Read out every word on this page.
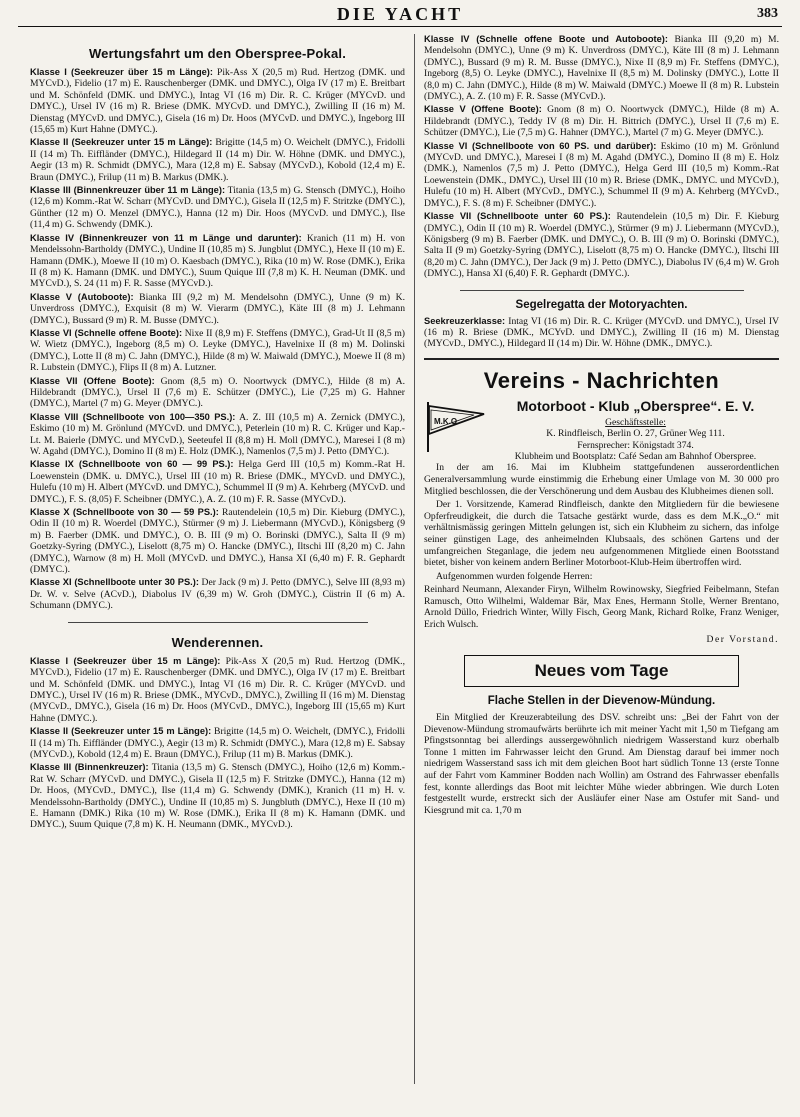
DIE YACHT	383
Wertungsfahrt um den Oberspree-Pokal.

Klasse I (Seekreuzer über 15 m Länge): Pik-Ass X (20,5 m) Rud. Hertzog (DMK. und MYCvD.), Fidelio (17 m) E. Rauschenberger (DMK. und DMYC.), Olga IV (17 m) E. Breitbart und M. Schönfeld (DMK. und DMYC.), Intag VI (16 m) Dir. R. C. Krüger (MYCvD. und DMYC.), Ursel IV (16 m) R. Briese (DMK. MYCvD. und DMYC.), Zwilling II (16 m) M. Dienstag (MYCvD. und DMYC.), Gisela (16 m) Dr. Hoos (MYCvD. und DMYC.), Ingeborg III (15,65 m) Kurt Hahne (DMYC.).

Klasse II (Seekreuzer unter 15 m Länge): Brigitte (14,5 m) O. Weichelt (DMYC.), Fridolli II (14 m) Th. Eiffländer (DMYC.), Hildegard II (14 m) Dir. W. Höhne (DMK. und DMYC.), Aegir (13 m) R. Schmidt (DMYC.), Mara (12,8 m) E. Sabsay (MYCvD.), Kobold (12,4 m) E. Braun (DMYC.), Frilup (11 m) B. Markus (DMK.).

Klasse III (Binnenkreuzer über 11 m Länge): Titania (13,5 m) G. Stensch (DMYC.), Hoiho (12,6 m) Komm.-Rat W. Scharr (MYCvD. und DMYC.), Gisela II (12,5 m) F. Stritzke (DMYC.), Günther (12 m) O. Menzel (DMYC.), Hanna (12 m) Dir. Hoos (MYCvD. und DMYC.), Ilse (11,4 m) G. Schwendy (DMK.).

Klasse IV (Binnenkreuzer von 11 m Länge und darunter): Kranich (11 m) H. von Mendelssohn-Bartholdy (DMYC.), Undine II (10,85 m) S. Jungblut (DMYC.), Hexe II (10 m) E. Hamann (DMK.), Moewe II (10 m) O. Kaesbach (DMYC.), Rika (10 m) W. Rose (DMK.), Erika II (8 m) K. Hamann (DMK. und DMYC.), Suum Quique III (7,8 m) K. H. Neuman (DMK. und MYCvD.), S. 24 (11 m) F. R. Sasse (MYCvD.).

Klasse V (Autoboote): Bianka III (9,2 m) M. Mendelsohn (DMYC.), Unne (9 m) K. Unverdross (DMYC.), Exquisit (8 m) W. Vierarm (DMYC.), Käte III (8 m) J. Lehmann (DMYC.), Bussard (9 m) R. M. Busse (DMYC.).

Klasse VI (Schnelle offene Boote): Nixe II (8,9 m) F. Steffens (DMYC.), Grad-Ut II (8,5 m) W. Wietz (DMYC.), Ingeborg (8,5 m) O. Leyke (DMYC.), Havelnixe II (8 m) M. Dolinski (DMYC.), Lotte II (8 m) C. Jahn (DMYC.), Hilde (8 m) W. Maiwald (DMYC.), Moewe II (8 m) R. Lubstein (DMYC.), Flips II (8 m) A. Lutzner.

Klasse VII (Offene Boote): Gnom (8,5 m) O. Noortwyck (DMYC.), Hilde (8 m) A. Hildebrandt (DMYC.), Ursel II (7,6 m) E. Schützer (DMYC.), Lie (7,25 m) G. Hahner (DMYC.), Martel (7 m) G. Meyer (DMYC.).

Klasse VIII (Schnellboote von 100—350 PS.): A. Z. III (10,5 m) A. Zernick (DMYC.), Eskimo (10 m) M. Grönlund (MYCvD. und DMYC.), Peterlein (10 m) R. C. Krüger und Kap.-Lt. M. Baierle (DMYC. und MYCvD.), Seeteufel II (8,8 m) H. Moll (DMYC.), Maresei I (8 m) W. Agahd (DMYC.), Domino II (8 m) E. Holz (DMK.), Namenlos (7,5 m) J. Petto (DMYC.).

Klasse IX (Schnellboote von 60 — 99 PS.): Helga Gerd III (10,5 m) Komm.-Rat H. Loewenstein (DMK. u. DMYC.), Ursel III (10 m) R. Briese (DMK., MYCvD. und DMYC.), Hulefu (10 m) H. Albert (MYCvD. und DMYC.), Schummel II (9 m) A. Kehrberg (MYCvD. und DMYC.), F. S. (8,05) F. Scheibner (DMYC.), A. Z. (10 m) F. R. Sasse (MYCvD.).

Klasse X (Schnellboote von 30 — 59 PS.): Rautendelein (10,5 m) Dir. Kieburg (DMYC.), Odin II (10 m) R. Woerdel (DMYC.), Stürmer (9 m) J. Liebermann (MYCvD.), Königsberg (9 m) B. Faerber (DMK. und DMYC.), O. B. III (9 m) O. Borinski (DMYC.), Salta II (9 m) Goetzky-Syring (DMYC.), Liselott (8,75 m) O. Hancke (DMYC.), Iltschi III (8,20 m) C. Jahn (DMYC.), Warnow (8 m) H. Moll (MYCvD. und DMYC.), Hansa XI (6,40 m) F. R. Gephardt (DMYC.).

Klasse XI (Schnellboote unter 30 PS.): Der Jack (9 m) J. Petto (DMYC.), Selve III (8,93 m) Dr. W. v. Selve (ACvD.), Diabolus IV (6,39 m) W. Groh (DMYC.), Cüstrin II (6 m) A. Schumann (DMYC.).

Wenderennen.

Klasse I (Seekreuzer über 15 m Länge): Pik-Ass X (20,5 m) Rud. Hertzog (DMK., MYCvD.), Fidelio (17 m) E. Rauschenberger (DMK. und DMYC.), Olga IV (17 m) E. Breitbart und M. Schönfeld (DMK. und DMYC.), Intag VI (16 m) Dir. R. C. Krüger (MYCvD. und DMYC.), Ursel IV (16 m) R. Briese (DMK., MYCvD., DMYC.), Zwilling II (16 m) M. Dienstag (MYCvD., DMYC.), Gisela (16 m) Dr. Hoos (MYCvD., DMYC.), Ingeborg III (15,65 m) Kurt Hahne (DMYC.).

Klasse II (Seekreuzer unter 15 m Länge): Brigitte (14,5 m) O. Weichelt, (DMYC.), Fridolli II (14 m) Th. Eiffländer (DMYC.), Aegir (13 m) R. Schmidt (DMYC.), Mara (12,8 m) E. Sabsay (MYCvD.), Kobold (12,4 m) E. Braun (DMYC.), Frilup (11 m) B. Markus (DMK.).

Klasse III (Binnenkreuzer): Titania (13,5 m) G. Stensch (DMYC.), Hoiho (12,6 m) Komm.-Rat W. Scharr (MYCvD. und DMYC.), Gisela II (12,5 m) F. Stritzke (DMYC.), Hanna (12 m) Dr. Hoos, (MYCvD., DMYC.), Ilse (11,4 m) G. Schwendy (DMK.), Kranich (11 m) H. v. Mendelssohn-Bartholdy (DMYC.), Undine II (10,85 m) S. Jungbluth (DMYC.), Hexe II (10 m) E. Hamann (DMK.) Rika (10 m) W. Rose (DMK.), Erika II (8 m) K. Hamann (DMK. und DMYC.), Suum Quique (7,8 m) K. H. Neumann (DMK., MYCvD.).

Klasse IV (Schnelle offene Boote und Autoboote): Bianka III (9,20 m) M. Mendelsohn (DMYC.), Unne (9 m) K. Unverdross (DMYC.), Käte III (8 m) J. Lehmann (DMYC.), Bussard (9 m) R. M. Busse (DMYC.), Nixe II (8,9 m) Fr. Steffens (DMYC.), Ingeborg (8,5) O. Leyke (DMYC.), Havelnixe II (8,5 m) M. Dolinsky (DMYC.), Lotte II (8,0 m) C. Jahn (DMYC.), Hilde (8 m) W. Maiwald (DMYC.) Moewe II (8 m) R. Lubstein (DMYC.), A. Z. (10 m) F. R. Sasse (MYCvD.).

Klasse V (Offene Boote): Gnom (8 m) O. Noortwyck (DMYC.), Hilde (8 m) A. Hildebrandt (DMYC.), Teddy IV (8 m) Dir. H. Bittrich (DMYC.), Ursel II (7,6 m) E. Schützer (DMYC.), Lie (7,5 m) G. Hahner (DMYC.), Martel (7 m) G. Meyer (DMYC.).

Klasse VI (Schnellboote von 60 PS. und darüber): Eskimo (10 m) M. Grönlund (MYCvD. und DMYC.), Maresei I (8 m) M. Agahd (DMYC.), Domino II (8 m) E. Holz (DMK.), Namenlos (7,5 m) J. Petto (DMYC.), Helga Gerd III (10,5 m) Komm.-Rat Loewenstein (DMK., DMYC.), Ursel III (10 m) R. Briese (DMK., DMYC. und MYCvD.), Hulefu (10 m) H. Albert (MYCvD., DMYC.), Schummel II (9 m) A. Kehrberg (MYCvD., DMYC.), F. S. (8 m) F. Scheibner (DMYC.).

Klasse VII (Schnellboote unter 60 PS.): Rautendelein (10,5 m) Dir. F. Kieburg (DMYC.), Odin II (10 m) R. Woerdel (DMYC.), Stürmer (9 m) J. Liebermann (MYCvD.), Königsberg (9 m) B. Faerber (DMK. und DMYC.), O. B. III (9 m) O. Borinski (DMYC.), Salta II (9 m) Goetzky-Syring (DMYC.), Liselott (8,75 m) O. Hancke (DMYC.), Iltschi III (8,20 m) C. Jahn (DMYC.), Der Jack (9 m) J. Petto (DMYC.), Diabolus IV (6,4 m) W. Groh (DMYC.), Hansa XI (6,40) F. R. Gephardt (DMYC.).

Segelregatta der Motoryachten.

Seekreuzerklasse: Intag VI (16 m) Dir. R. C. Krüger (MYCvD. und DMYC.), Ursel IV (16 m) R. Briese (DMK., MCYvD. und DMYC.), Zwilling II (16 m) M. Dienstag (MYCvD., DMYC.), Hildegard II (14 m) Dir. W. Höhne (DMK., DMYC.).

Vereins - Nachrichten
M.K.O.
Motorboot - Klub „Oberspree“. E. V.

Geschäftsstelle:

K. Rindfleisch, Berlin O. 27, Grüner Weg 111.

Fernsprecher: Königstadt 374.

Klubheim und Bootsplatz: Café Sedan am Bahnhof Oberspree.

In der am 16. Mai im Klubheim stattgefundenen ausserordentlichen Generalversammlung wurde einstimmig die Erhebung einer Umlage von M. 30 000 pro Mitglied beschlossen, die der Verschönerung und dem Ausbau des Klubheimes dienen soll.

Der 1. Vorsitzende, Kamerad Rindfleisch, dankte den Mitgliedern für die bewiesene Opferfreudigkeit, die durch die Tatsache gestärkt wurde, dass es dem M.K.„O.“ mit verhältnismässig geringen Mitteln gelungen ist, sich ein Klubheim zu sichern, das infolge seiner günstigen Lage, des anheimelnden Klubsaals, des schönen Gartens und der umfangreichen Steganlage, die jedem neu aufgenommenen Mitgliede einen Bootsstand bietet, bisher von keinem andern Berliner Motorboot-Klub-Heim übertroffen wird.

Aufgenommen wurden folgende Herren:

Reinhard Neumann, Alexander Firyn, Wilhelm Rowinowsky, Siegfried Feibelmann, Stefan Ramusch, Otto Wilhelmi, Waldemar Bär, Max Enes, Hermann Stolle, Werner Brentano, Arnold Düllo, Friedrich Winter, Willy Fisch, Georg Mank, Richard Rolke, Franz Weniger, Erich Wulsch.

Der Vorstand.

Neues vom Tage
Flache Stellen in der Dievenow-Mündung.

Ein Mitglied der Kreuzerabteilung des DSV. schreibt uns: „Bei der Fahrt von der Dievenow-Mündung stromaufwärts berührte ich mit meiner Yacht mit 1,50 m Tiefgang am Pfingstsonntag bei allerdings aussergewöhnlich niedrigem Wasserstand kurz oberhalb Tonne 1 mitten im Fahrwasser leicht den Grund. Am Dienstag darauf bei immer noch niedrigem Wasserstand sass ich mit dem gleichen Boot hart südlich Tonne 13 (erste Tonne auf der Fahrt vom Kamminer Bodden nach Wollin) am Ostrand des Fahrwasser ebenfalls fest, konnte allerdings das Boot mit leichter Mühe wieder abbringen. Wie durch Loten festgestellt wurde, erstreckt sich der Ausläufer einer Nase am Ostufer mit Sand- und Kiesgrund mit ca. 1,70 m
